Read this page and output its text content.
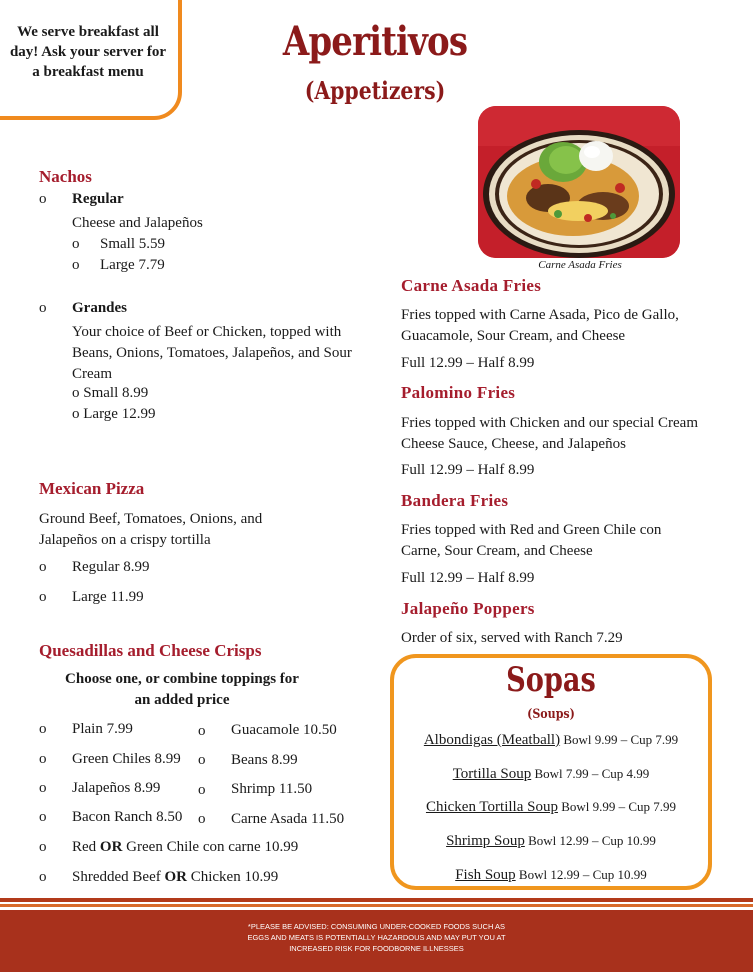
We serve breakfast all day! Ask your server for a breakfast menu
Aperitivos
(Appetizers)
Carne Asada Fries
Nachos
o Regular
Cheese and Jalapeños
o Small 5.59
o Large 7.79
o Grandes
Your choice of Beef or Chicken, topped with
Beans, Onions, Tomatoes, Jalapeños, and Sour
Cream
o Small 8.99
o Large 12.99
Mexican Pizza
Ground Beef, Tomatoes, Onions, and
Jalapeños on a crispy tortilla
o Regular 8.99
o Large 11.99
Quesadillas and Cheese Crisps
Choose one, or combine toppings for
an added price
o Plain 7.99
o Green Chiles 8.99
o Jalapeños 8.99
o Bacon Ranch 8.50
o Guacamole 10.50
o Beans 8.99
o Shrimp 11.50
o Carne Asada 11.50
o Red OR Green Chile con carne 10.99
o Shredded Beef OR Chicken 10.99
Carne Asada Fries
Fries topped with Carne Asada, Pico de Gallo,
Guacamole, Sour Cream, and Cheese
Full 12.99 – Half 8.99
Palomino Fries
Fries topped with Chicken and our special Cream
Cheese Sauce, Cheese, and Jalapeños
Full 12.99 – Half 8.99
Bandera Fries
Fries topped with Red and Green Chile con
Carne, Sour Cream, and Cheese
Full 12.99 – Half 8.99
Jalapeño Poppers
Order of six, served with Ranch 7.29
Sopas
(Soups)
Albondigas (Meatball) Bowl 9.99 – Cup 7.99
Tortilla Soup Bowl 7.99 – Cup 4.99
Chicken Tortilla Soup Bowl 9.99 – Cup 7.99
Shrimp Soup Bowl 12.99 – Cup 10.99
Fish Soup Bowl 12.99 – Cup 10.99
*PLEASE BE ADVISED: CONSUMING UNDER-COOKED FOODS SUCH AS
EGGS AND MEATS IS POTENTIALLY HAZARDOUS AND MAY PUT YOU AT
INCREASED RISK FOR FOODBORNE ILLNESSES
